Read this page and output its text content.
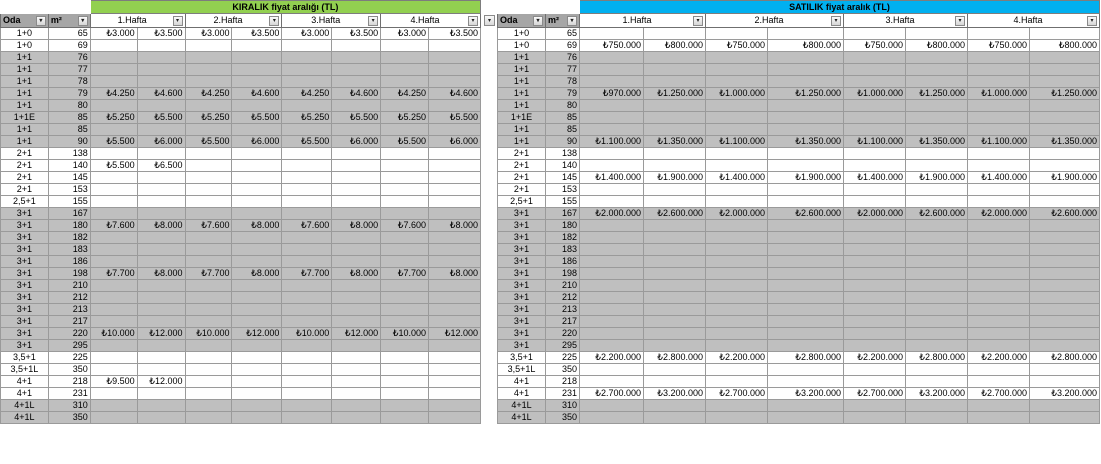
		KIRALIK fiyat aralığı (TL)							

Oda ▾	m² ▾	1.Hafta ▾		2.Hafta ▾		3.Hafta ▾		4.Hafta ▾	

1+0	65	₺3.000	₺3.500	₺3.000	₺3.500	₺3.000	₺3.500	₺3.000	₺3.500
1+0	69								
1+1	76								
1+1	77								
1+1	78								
1+1	79	₺4.250	₺4.600	₺4.250	₺4.600	₺4.250	₺4.600	₺4.250	₺4.600
1+1	80								
1+1E	85	₺5.250	₺5.500	₺5.250	₺5.500	₺5.250	₺5.500	₺5.250	₺5.500
1+1	85								
1+1	90	₺5.500	₺6.000	₺5.500	₺6.000	₺5.500	₺6.000	₺5.500	₺6.000
2+1	138								
2+1	140	₺5.500	₺6.500						
2+1	145								
2+1	153								
2,5+1	155								
3+1	167								
3+1	180	₺7.600	₺8.000	₺7.600	₺8.000	₺7.600	₺8.000	₺7.600	₺8.000
3+1	182								
3+1	183								
3+1	186								
3+1	198	₺7.700	₺8.000	₺7.700	₺8.000	₺7.700	₺8.000	₺7.700	₺8.000
3+1	210								
3+1	212								
3+1	213								
3+1	217								
3+1	220	₺10.000	₺12.000	₺10.000	₺12.000	₺10.000	₺12.000	₺10.000	₺12.000
3+1	295								
3,5+1	225								
3,5+1L	350								
4+1	218	₺9.500	₺12.000						
4+1	231								
4+1L	310								
4+1L	350								
▾
		SATILIK fiyat aralık (TL)							

Oda ▾	m² ▾	1.Hafta ▾		2.Hafta ▾		3.Hafta ▾		4.Hafta ▾	

1+0	65								
1+0	69	₺750.000	₺800.000	₺750.000	₺800.000	₺750.000	₺800.000	₺750.000	₺800.000
1+1	76								
1+1	77								
1+1	78								
1+1	79	₺970.000	₺1.250.000	₺1.000.000	₺1.250.000	₺1.000.000	₺1.250.000	₺1.000.000	₺1.250.000
1+1	80								
1+1E	85								
1+1	85								
1+1	90	₺1.100.000	₺1.350.000	₺1.100.000	₺1.350.000	₺1.100.000	₺1.350.000	₺1.100.000	₺1.350.000
2+1	138								
2+1	140								
2+1	145	₺1.400.000	₺1.900.000	₺1.400.000	₺1.900.000	₺1.400.000	₺1.900.000	₺1.400.000	₺1.900.000
2+1	153								
2,5+1	155								
3+1	167	₺2.000.000	₺2.600.000	₺2.000.000	₺2.600.000	₺2.000.000	₺2.600.000	₺2.000.000	₺2.600.000
3+1	180								
3+1	182								
3+1	183								
3+1	186								
3+1	198								
3+1	210								
3+1	212								
3+1	213								
3+1	217								
3+1	220								
3+1	295								
3,5+1	225	₺2.200.000	₺2.800.000	₺2.200.000	₺2.800.000	₺2.200.000	₺2.800.000	₺2.200.000	₺2.800.000
3,5+1L	350								
4+1	218								
4+1	231	₺2.700.000	₺3.200.000	₺2.700.000	₺3.200.000	₺2.700.000	₺3.200.000	₺2.700.000	₺3.200.000
4+1L	310								
4+1L	350								
